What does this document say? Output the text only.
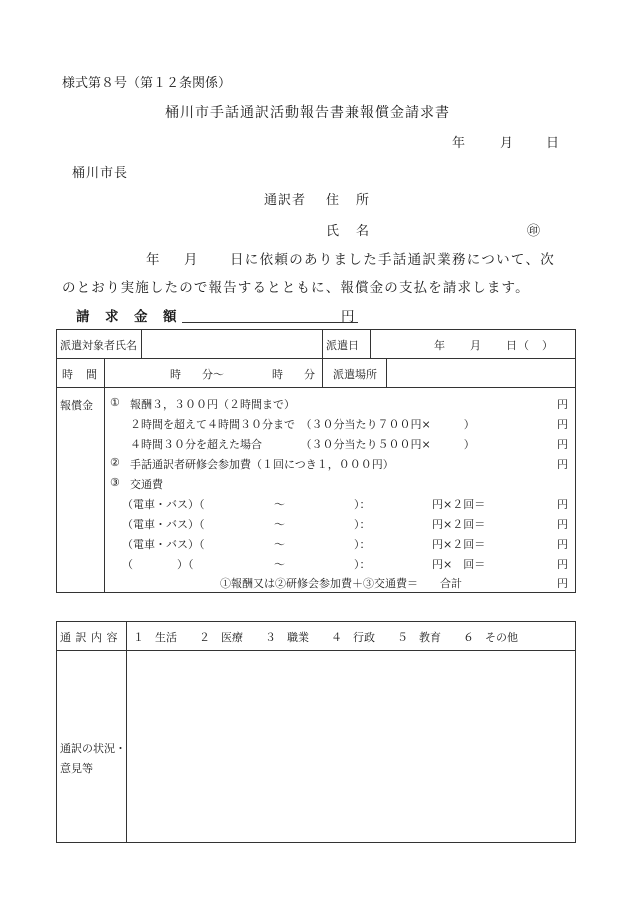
様式第８号（第１２条関係）
桶川市手話通訳活動報告書兼報償金請求書
年	月	日
桶川市長
通訳者 住　所
氏　名	㊞
年 月 日に依頼のありました手話通訳業務について、次
のとおり実施したので報告するとともに、報償金の支払を請求します。
請　求　金　額	円
派遣対象者氏名	派遣日	年　　月　　日（　）
時　間	時 分～	時 分 派遣場所
報償金 ① 報酬３，３００円（２時間まで）	円
２時間を超えて４時間３０分まで　（３０分当たり７００円×　　　）	円
４時間３０分を超えた場合　　　　（３０分当たり５００円×　　　）	円
② 手話通訳者研修会参加費（１回につき１，０００円）	円
③ 交通費
（電車・バス）（	～	）：	円×２回＝	円
（電車・バス）（	～	）：	円×２回＝	円
（電車・バス）（	～	）：	円×２回＝	円
（　　　　）（	～	）：	円×　回＝	円
①報酬又は②研修会参加費＋③交通費＝　　合計	円
通 訳 内 容 １　生活　　２　医療　　３　職業　　４　行政　　５　教育　　６　その他
通訳の状況・
意見等
